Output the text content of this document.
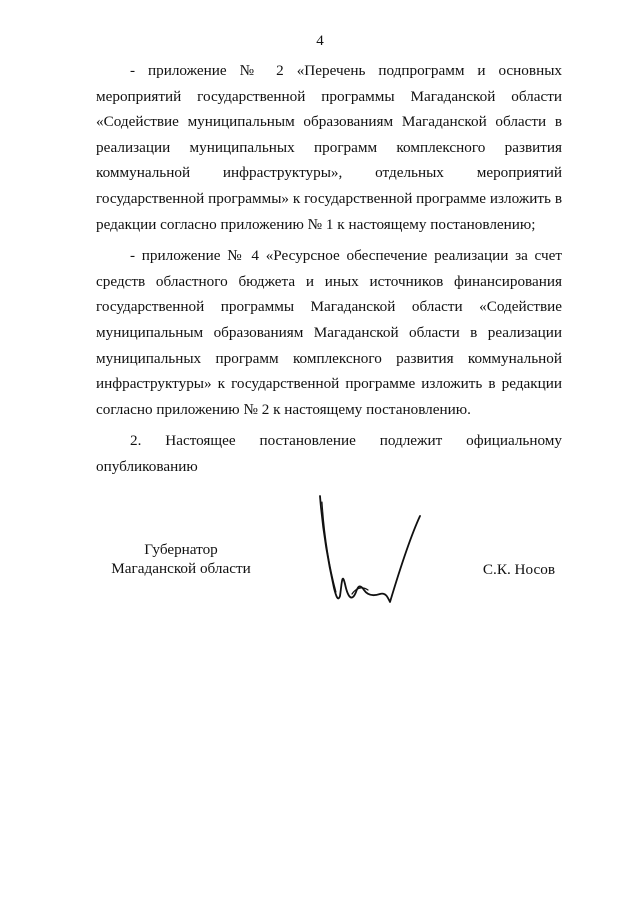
4

- приложение № 2 «Перечень подпрограмм и основных мероприятий государственной программы Магаданской области «Содействие муниципальным образованиям Магаданской области в реализации муниципальных программ комплексного развития коммунальной инфраструктуры», отдельных мероприятий государственной программы» к государственной программе изложить в редакции согласно приложению № 1 к настоящему постановлению;

- приложение № 4 «Ресурсное обеспечение реализации за счет средств областного бюджета и иных источников финансирования государственной программы Магаданской области «Содействие муниципальным образованиям Магаданской области в реализации муниципальных программ комплексного развития коммунальной инфраструктуры» к государственной программе изложить в редакции согласно приложению № 2 к настоящему постановлению.

2. Настоящее постановление подлежит официальному опубликованию

Губернатор
Магаданской области	С.К. Носов
